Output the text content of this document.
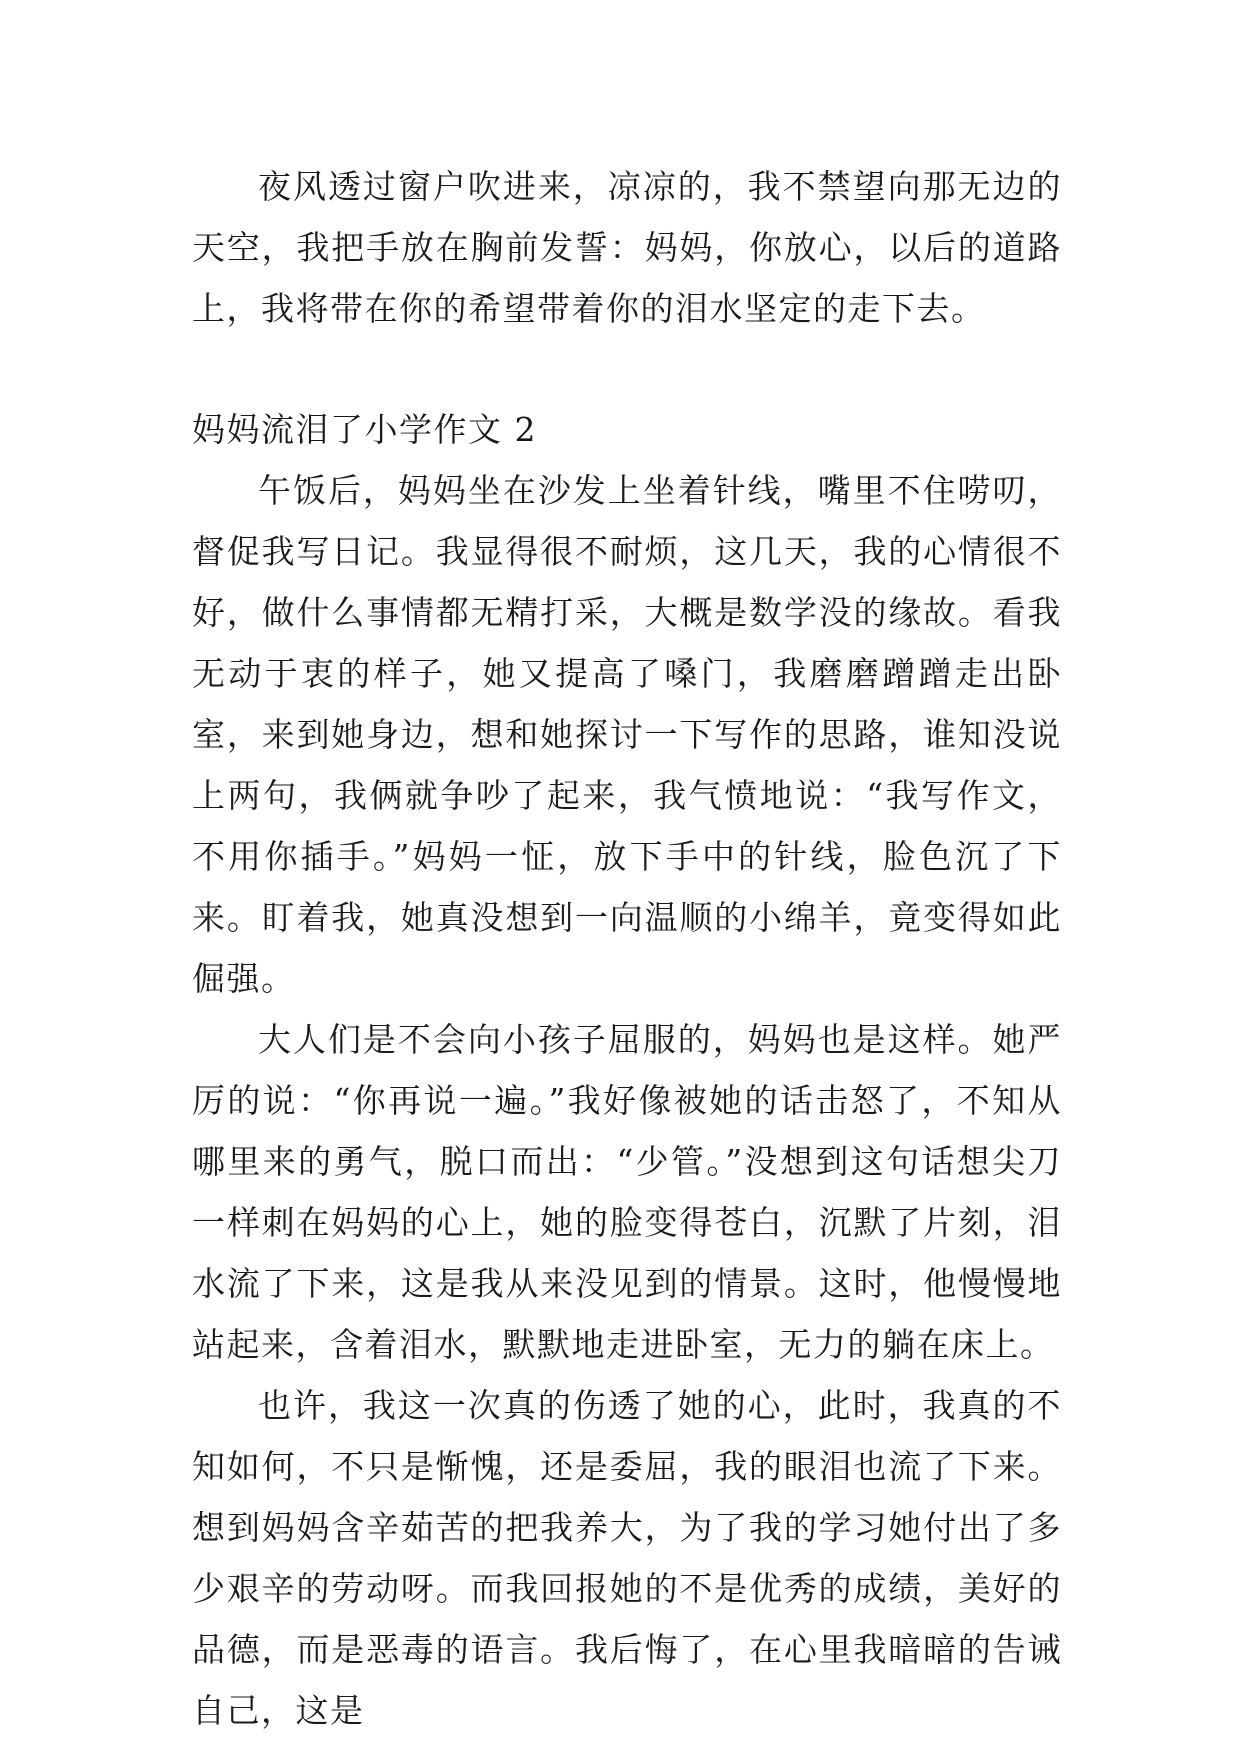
夜风透过窗户吹进来，凉凉的，我不禁望向那无边的天空，我把手放在胸前发誓：妈妈，你放心，以后的道路上，我将带在你的希望带着你的泪水坚定的走下去。

妈妈流泪了小学作文 2

午饭后，妈妈坐在沙发上坐着针线，嘴里不住唠叨，督促我写日记。我显得很不耐烦，这几天，我的心情很不好，做什么事情都无精打采，大概是数学没的缘故。看我无动于衷的样子，她又提高了嗓门，我磨磨蹭蹭走出卧室，来到她身边，想和她探讨一下写作的思路，谁知没说上两句，我俩就争吵了起来，我气愤地说：“我写作文，不用你插手。”妈妈一怔，放下手中的针线，脸色沉了下来。盯着我，她真没想到一向温顺的小绵羊，竟变得如此倔强。

大人们是不会向小孩子屈服的，妈妈也是这样。她严厉的说：“你再说一遍。”我好像被她的话击怒了，不知从哪里来的勇气，脱口而出：“少管。”没想到这句话想尖刀一样刺在妈妈的心上，她的脸变得苍白，沉默了片刻，泪水流了下来，这是我从来没见到的情景。这时，他慢慢地站起来，含着泪水，默默地走进卧室，无力的躺在床上。

也许，我这一次真的伤透了她的心，此时，我真的不知如何，不只是惭愧，还是委屈，我的眼泪也流了下来。想到妈妈含辛茹苦的把我养大，为了我的学习她付出了多少艰辛的劳动呀。而我回报她的不是优秀的成绩，美好的品德，而是恶毒的语言。我后悔了，在心里我暗暗的告诫自己，这是
